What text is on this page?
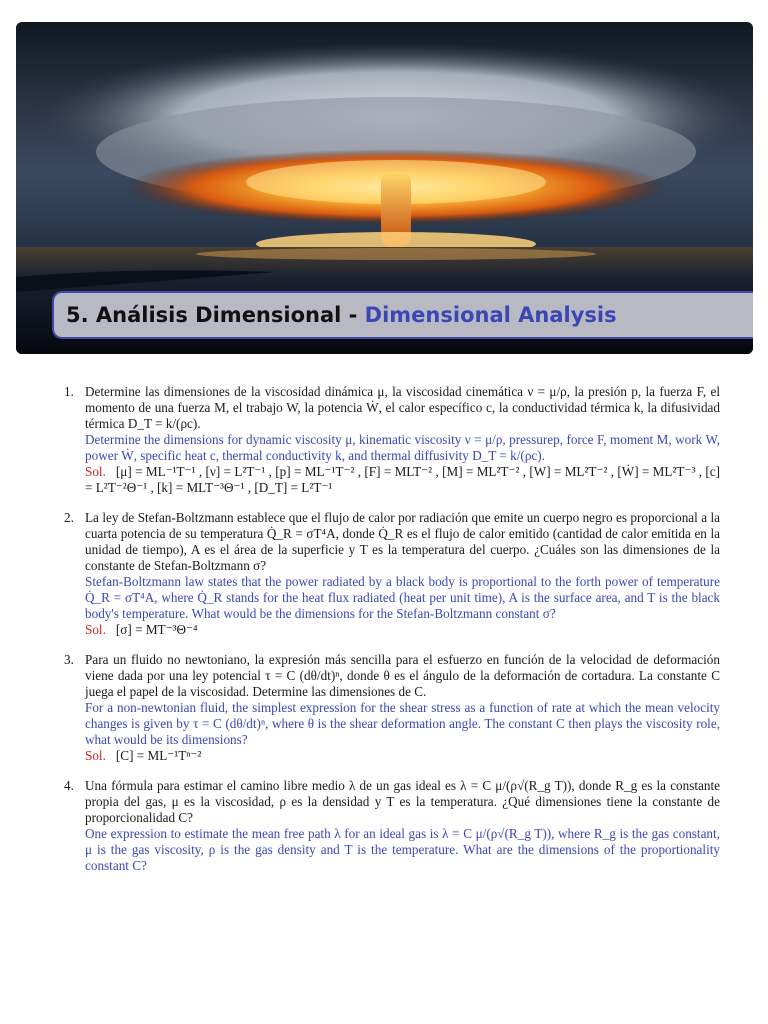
5. Análisis Dimensional -
Dimensional Analysis
1. Determine las dimensiones de la viscosidad dinámica μ, la viscosidad cinemática ν = μ/ρ, la presión p, la fuerza F, el momento de una fuerza M, el trabajo W, la potencia Ẇ, el calor específico c, la conductividad térmica k, la difusividad térmica D_T = k/(ρc).
Determine the dimensions for dynamic viscosity μ, kinematic viscosity ν = μ/ρ, pressurep, force F, moment M, work W, power Ẇ, specific heat c, thermal conductivity k, and thermal diffusivity D_T = k/(ρc).
Sol. [μ] = ML⁻¹T⁻¹ , [ν] = L²T⁻¹ , [p] = ML⁻¹T⁻² , [F] = MLT⁻² , [M] = ML²T⁻² , [W] = ML²T⁻² , [Ẇ] = ML²T⁻³ , [c] = L²T⁻²Θ⁻¹ , [k] = MLT⁻³Θ⁻¹ , [D_T] = L²T⁻¹
2. La ley de Stefan-Boltzmann establece que el flujo de calor por radiación que emite un cuerpo negro es proporcional a la cuarta potencia de su temperatura Q̇_R = σT⁴A, donde Q̇_R es el flujo de calor emitido (cantidad de calor emitida en la unidad de tiempo), A es el área de la superficie y T es la temperatura del cuerpo. ¿Cuáles son las dimensiones de la constante de Stefan-Boltzmann σ?
Stefan-Boltzmann law states that the power radiated by a black body is proportional to the forth power of temperature Q̇_R = σT⁴A, where Q̇_R stands for the heat flux radiated (heat per unit time), A is the surface area, and T is the black body's temperature. What would be the dimensions for the Stefan-Boltzmann constant σ?
Sol. [σ] = MT⁻³Θ⁻⁴
3. Para un fluido no newtoniano, la expresión más sencilla para el esfuerzo en función de la velocidad de deformación viene dada por una ley potencial τ = C (dθ/dt)ⁿ, donde θ es el ángulo de la deformación de cortadura. La constante C juega el papel de la viscosidad. Determine las dimensiones de C.
For a non-newtonian fluid, the simplest expression for the shear stress as a function of rate at which the mean velocity changes is given by τ = C (dθ/dt)ⁿ, where θ is the shear deformation angle. The constant C then plays the viscosity role, what would be its dimensions?
Sol. [C] = ML⁻¹Tⁿ⁻²
4. Una fórmula para estimar el camino libre medio λ de un gas ideal es λ = C μ/(ρ√(R_g T)), donde R_g es la constante propia del gas, μ es la viscosidad, ρ es la densidad y T es la temperatura. ¿Qué dimensiones tiene la constante de proporcionalidad C?
One expression to estimate the mean free path λ for an ideal gas is λ = C μ/(ρ√(R_g T)), where R_g is the gas constant, μ is the gas viscosity, ρ is the gas density and T is the temperature. What are the dimensions of the proportionality constant C?
